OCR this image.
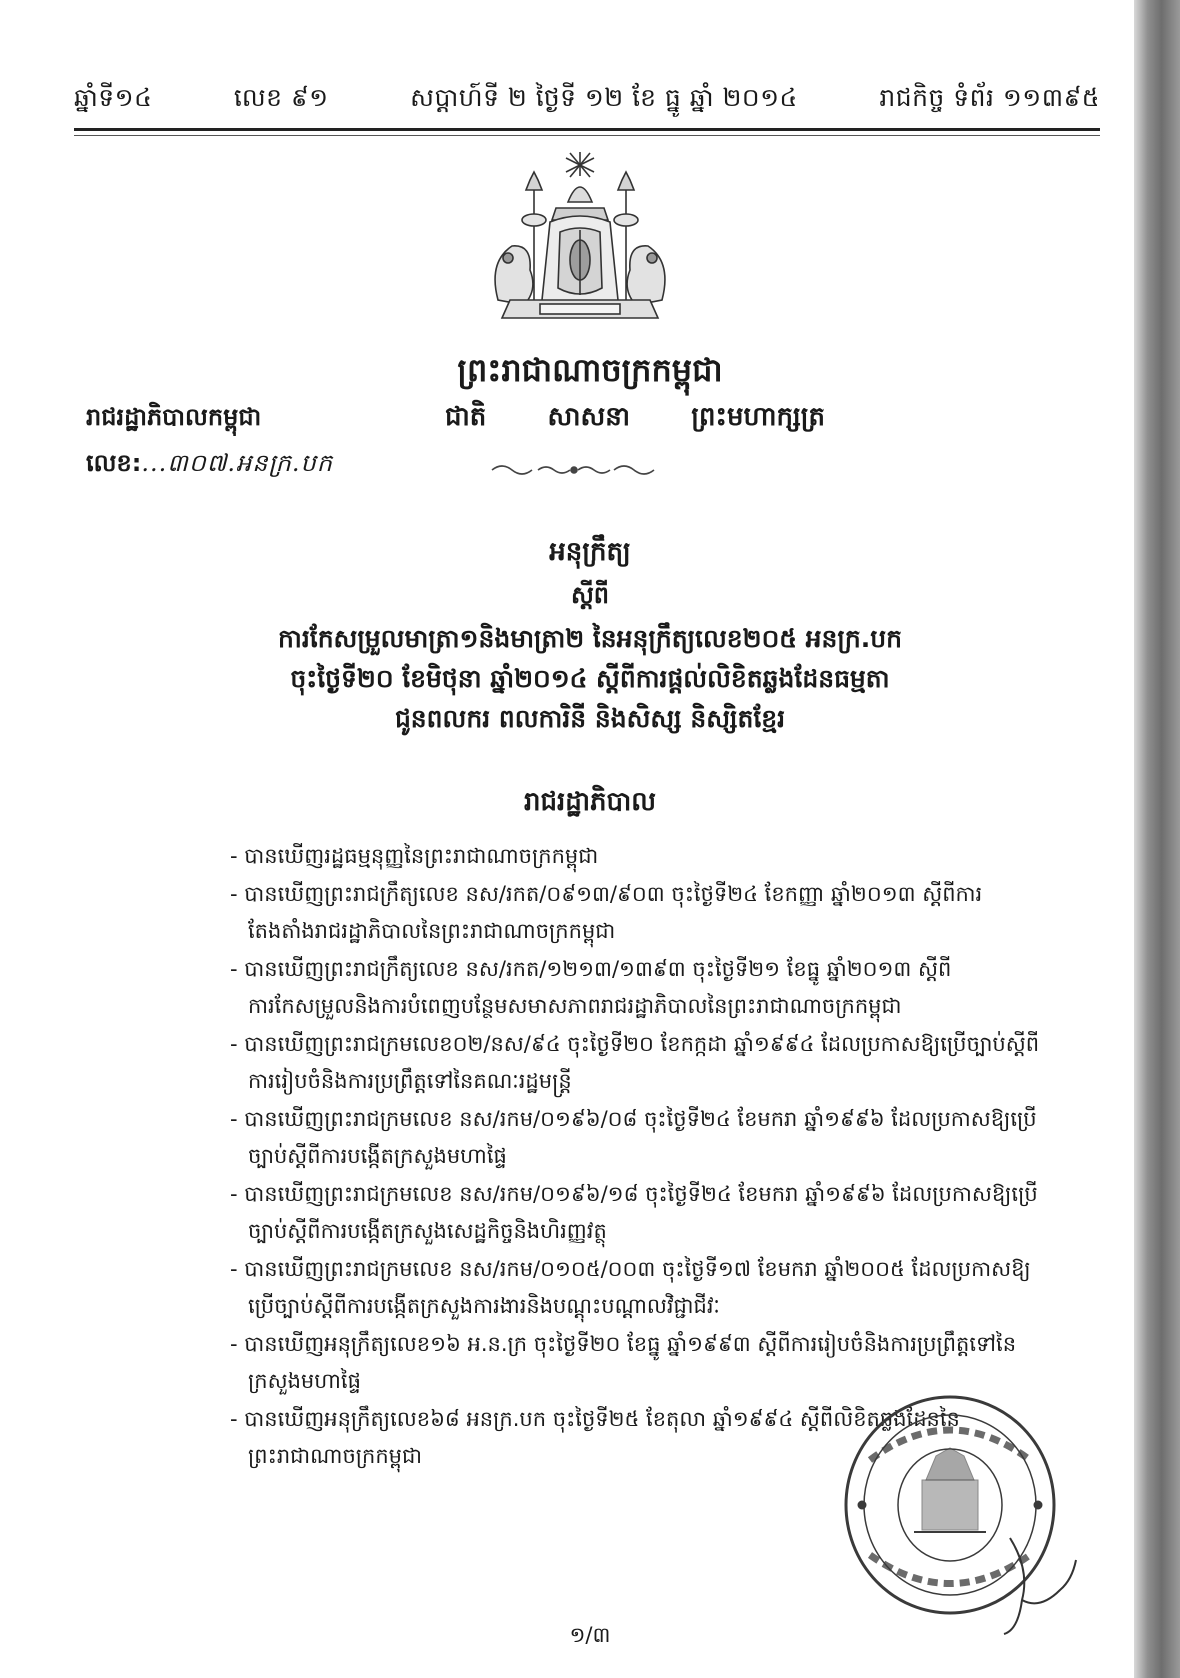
ឆ្នាំទី១៤	លេខ ៩១	សប្តាហ៍ទី ២ ថ្ងៃទី ១២ ខែ ធ្នូ ឆ្នាំ ២០១៤	រាជកិច្ច ទំព័រ ១១៣៩៥
ព្រះរាជាណាចក្រកម្ពុជា
រាជរដ្ឋាភិបាលកម្ពុជា	ជាតិ សាសនា ព្រះមហាក្សត្រ
លេខ:...៣០៧.អនក្រ.បក
អនុក្រឹត្យ
ស្តីពី
ការកែសម្រួលមាត្រា១និងមាត្រា២ នៃអនុក្រឹត្យលេខ២០៥ អនក្រ.បក
ចុះថ្ងៃទី២០ ខែមិថុនា ឆ្នាំ២០១៤ ស្តីពីការផ្តល់លិខិតឆ្លងដែនធម្មតា
ជូនពលករ ពលការិនី និងសិស្ស និស្សិតខ្មែរ
រាជរដ្ឋាភិបាល
- បានឃើញរដ្ឋធម្មនុញ្ញនៃព្រះរាជាណាចក្រកម្ពុជា
- បានឃើញព្រះរាជក្រឹត្យលេខ នស/រកត/០៩១៣/៩០៣ ចុះថ្ងៃទី២៤ ខែកញ្ញា ឆ្នាំ២០១៣ ស្តីពីការតែងតាំងរាជរដ្ឋាភិបាលនៃព្រះរាជាណាចក្រកម្ពុជា
- បានឃើញព្រះរាជក្រឹត្យលេខ នស/រកត/១២១៣/១៣៩៣ ចុះថ្ងៃទី២១ ខែធ្នូ ឆ្នាំ២០១៣ ស្តីពីការកែសម្រួលនិងការបំពេញបន្ថែមសមាសភាពរាជរដ្ឋាភិបាលនៃព្រះរាជាណាចក្រកម្ពុជា
- បានឃើញព្រះរាជក្រមលេខ០២/នស/៩៤ ចុះថ្ងៃទី២០ ខែកក្កដា ឆ្នាំ១៩៩៤ ដែលប្រកាសឱ្យប្រើច្បាប់ស្តីពីការរៀបចំនិងការប្រព្រឹត្តទៅនៃគណៈរដ្ឋមន្ត្រី
- បានឃើញព្រះរាជក្រមលេខ នស/រកម/០១៩៦/០៨ ចុះថ្ងៃទី២៤ ខែមករា ឆ្នាំ១៩៩៦ ដែលប្រកាសឱ្យប្រើច្បាប់ស្តីពីការបង្កើតក្រសួងមហាផ្ទៃ
- បានឃើញព្រះរាជក្រមលេខ នស/រកម/០១៩៦/១៨ ចុះថ្ងៃទី២៤ ខែមករា ឆ្នាំ១៩៩៦ ដែលប្រកាសឱ្យប្រើច្បាប់ស្តីពីការបង្កើតក្រសួងសេដ្ឋកិច្ចនិងហិរញ្ញវត្ថុ
- បានឃើញព្រះរាជក្រមលេខ នស/រកម/០១០៥/០០៣ ចុះថ្ងៃទី១៧ ខែមករា ឆ្នាំ២០០៥ ដែលប្រកាសឱ្យប្រើច្បាប់ស្តីពីការបង្កើតក្រសួងការងារនិងបណ្តុះបណ្តាលវិជ្ជាជីវៈ
- បានឃើញអនុក្រឹត្យលេខ១៦ អ.ន.ក្រ ចុះថ្ងៃទី២០ ខែធ្នូ ឆ្នាំ១៩៩៣ ស្តីពីការរៀបចំនិងការប្រព្រឹត្តទៅនៃក្រសួងមហាផ្ទៃ
- បានឃើញអនុក្រឹត្យលេខ៦៨ អនក្រ.បក ចុះថ្ងៃទី២៥ ខែតុលា ឆ្នាំ១៩៩៤ ស្តីពីលិខិតឆ្លងដែននៃព្រះរាជាណាចក្រកម្ពុជា
១/៣
